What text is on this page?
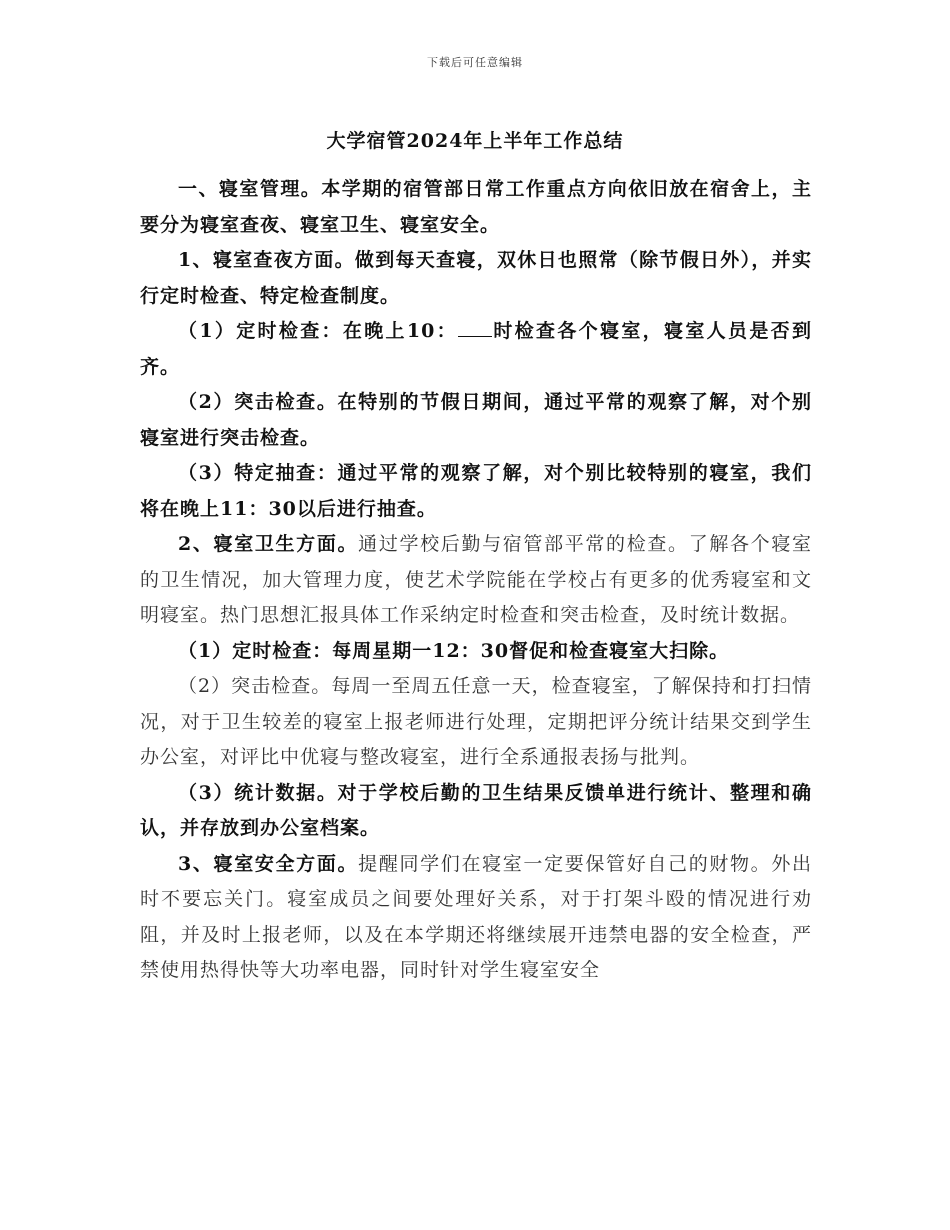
下载后可任意编辑
大学宿管2024年上半年工作总结

一、寝室管理。本学期的宿管部日常工作重点方向依旧放在宿舍上，主要分为寝室查夜、寝室卫生、寝室安全。

1、寝室查夜方面。做到每天查寝，双休日也照常（除节假日外），并实行定时检查、特定检查制度。

（1）定时检查：在晚上10： 时检查各个寝室，寝室人员是否到齐。

（2）突击检查。在特别的节假日期间，通过平常的观察了解，对个别寝室进行突击检查。

（3）特定抽查：通过平常的观察了解，对个别比较特别的寝室，我们将在晚上11：30以后进行抽查。

2、寝室卫生方面。通过学校后勤与宿管部平常的检查。了解各个寝室的卫生情况，加大管理力度，使艺术学院能在学校占有更多的优秀寝室和文明寝室。热门思想汇报具体工作采纳定时检查和突击检查，及时统计数据。

（1）定时检查：每周星期一12：30督促和检查寝室大扫除。

（2）突击检查。每周一至周五任意一天，检查寝室，了解保持和打扫情况，对于卫生较差的寝室上报老师进行处理，定期把评分统计结果交到学生办公室，对评比中优寝与整改寝室，进行全系通报表扬与批判。

（3）统计数据。对于学校后勤的卫生结果反馈单进行统计、整理和确认，并存放到办公室档案。

3、寝室安全方面。提醒同学们在寝室一定要保管好自己的财物。外出时不要忘关门。寝室成员之间要处理好关系，对于打架斗殴的情况进行劝阻，并及时上报老师，以及在本学期还将继续展开违禁电器的安全检查，严禁使用热得快等大功率电器，同时针对学生寝室安全
